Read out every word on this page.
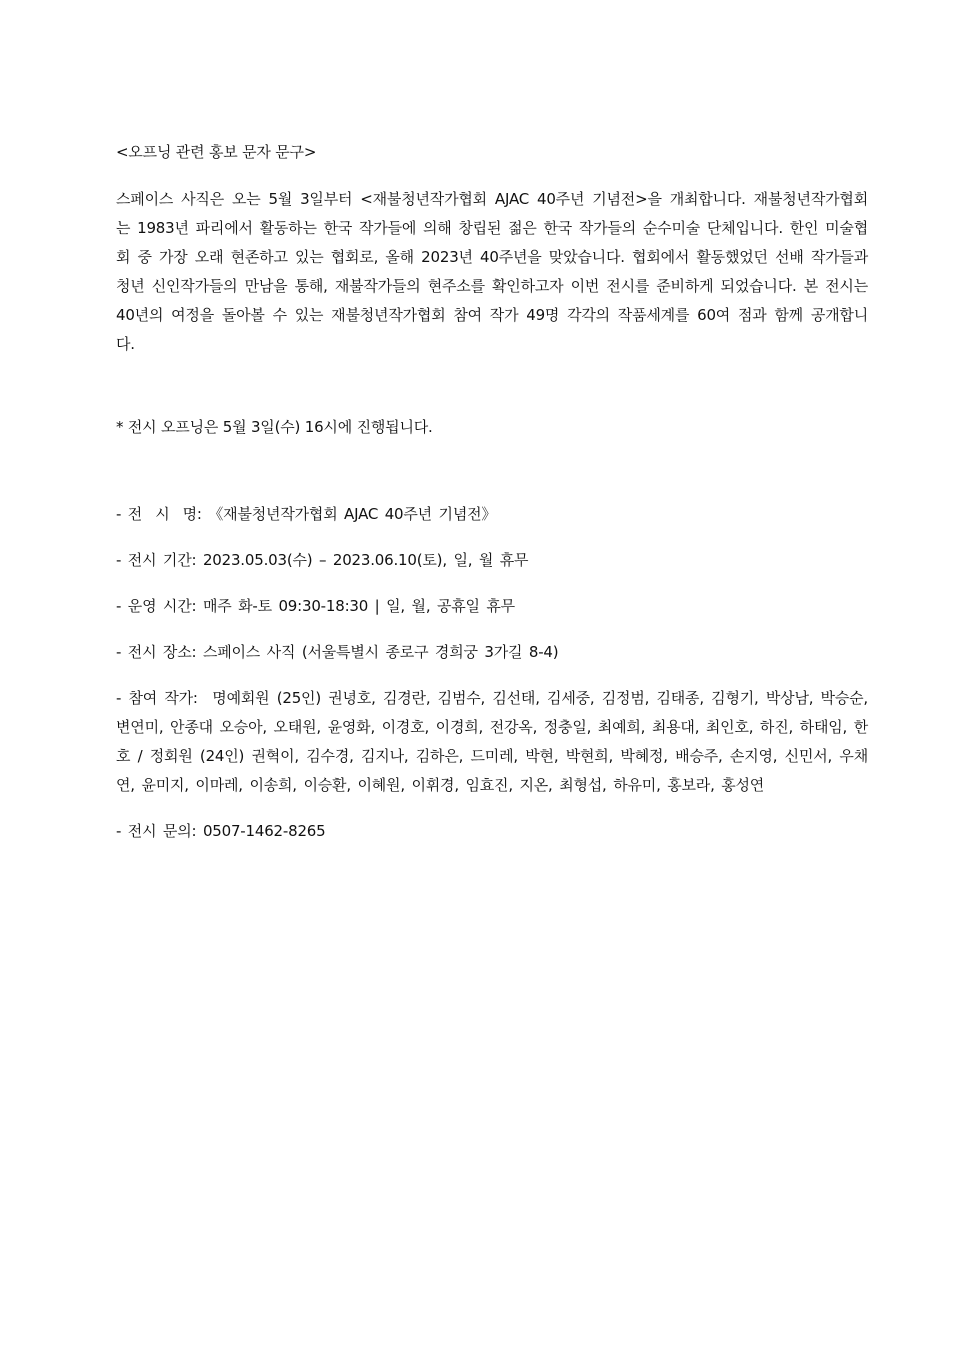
<오프닝 관련 홍보 문자 문구>

스페이스 사직은 오는 5월 3일부터 <재불청년작가협회 AJAC 40주년 기념전>을 개최합니다. 재불청년작가협회는 1983년 파리에서 활동하는 한국 작가들에 의해 창립된 젊은 한국 작가들의 순수미술 단체입니다. 한인 미술협회 중 가장 오래 현존하고 있는 협회로, 올해 2023년 40주년을 맞았습니다. 협회에서 활동했었던 선배 작가들과 청년 신인작가들의 만남을 통해, 재불작가들의 현주소를 확인하고자 이번 전시를 준비하게 되었습니다. 본 전시는 40년의 여정을 돌아볼 수 있는 재불청년작가협회 참여 작가 49명 각각의 작품세계를 60여 점과 함께 공개합니다.

* 전시 오프닝은 5월 3일(수) 16시에 진행됩니다.

- 전  시  명: 《재불청년작가협회 AJAC 40주년 기념전》
- 전시 기간: 2023.05.03(수) – 2023.06.10(토), 일, 월 휴무
- 운영 시간: 매주 화-토 09:30-18:30 | 일, 월, 공휴일 휴무
- 전시 장소: 스페이스 사직 (서울특별시 종로구 경희궁 3가길 8-4)
- 참여 작가:  명예회원 (25인) 권녕호, 김경란, 김범수, 김선태, 김세중, 김정범, 김태종, 김형기, 박상남, 박승순, 변연미, 안종대 오승아, 오태원, 윤영화, 이경호, 이경희, 전강옥, 정충일, 최예희, 최용대, 최인호, 하진, 하태임, 한호 / 정회원 (24인) 권혁이, 김수경, 김지나, 김하은, 드미레, 박현, 박현희, 박혜정, 배승주, 손지영, 신민서, 우채연, 윤미지, 이마레, 이송희, 이승환, 이혜원, 이휘경, 임효진, 지온, 최형섭, 하유미, 홍보라, 홍성연
- 전시 문의: 0507-1462-8265
